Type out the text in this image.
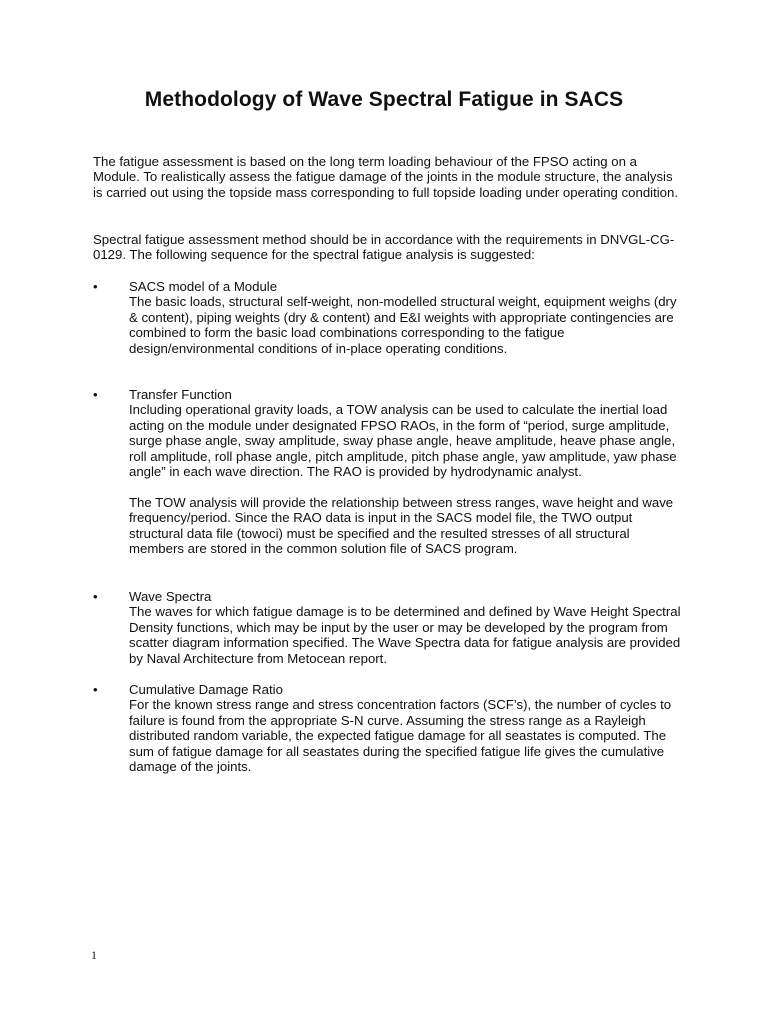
Methodology of Wave Spectral Fatigue in SACS

The fatigue assessment is based on the long term loading behaviour of the FPSO acting on a Module. To realistically assess the fatigue damage of the joints in the module structure, the analysis is carried out using the topside mass corresponding to full topside loading under operating condition.

Spectral fatigue assessment method should be in accordance with the requirements in DNVGL-CG-0129. The following sequence for the spectral fatigue analysis is suggested:

• SACS model of a Module

The basic loads, structural self-weight, non-modelled structural weight, equipment weighs (dry & content), piping weights (dry & content) and E&I weights with appropriate contingencies are combined to form the basic load combinations corresponding to the fatigue design/environmental conditions of in-place operating conditions.

• Transfer Function

Including operational gravity loads, a TOW analysis can be used to calculate the inertial load acting on the module under designated FPSO RAOs, in the form of “period, surge amplitude, surge phase angle, sway amplitude, sway phase angle, heave amplitude, heave phase angle, roll amplitude, roll phase angle, pitch amplitude, pitch phase angle, yaw amplitude, yaw phase angle” in each wave direction. The RAO is provided by hydrodynamic analyst.

The TOW analysis will provide the relationship between stress ranges, wave height and wave frequency/period. Since the RAO data is input in the SACS model file, the TWO output structural data file (towoci) must be specified and the resulted stresses of all structural members are stored in the common solution file of SACS program.

• Wave Spectra

The waves for which fatigue damage is to be determined and defined by Wave Height Spectral Density functions, which may be input by the user or may be developed by the program from scatter diagram information specified. The Wave Spectra data for fatigue analysis are provided by Naval Architecture from Metocean report.

• Cumulative Damage Ratio

For the known stress range and stress concentration factors (SCF’s), the number of cycles to failure is found from the appropriate S-N curve. Assuming the stress range as a Rayleigh distributed random variable, the expected fatigue damage for all seastates is computed. The sum of fatigue damage for all seastates during the specified fatigue life gives the cumulative damage of the joints.

1
